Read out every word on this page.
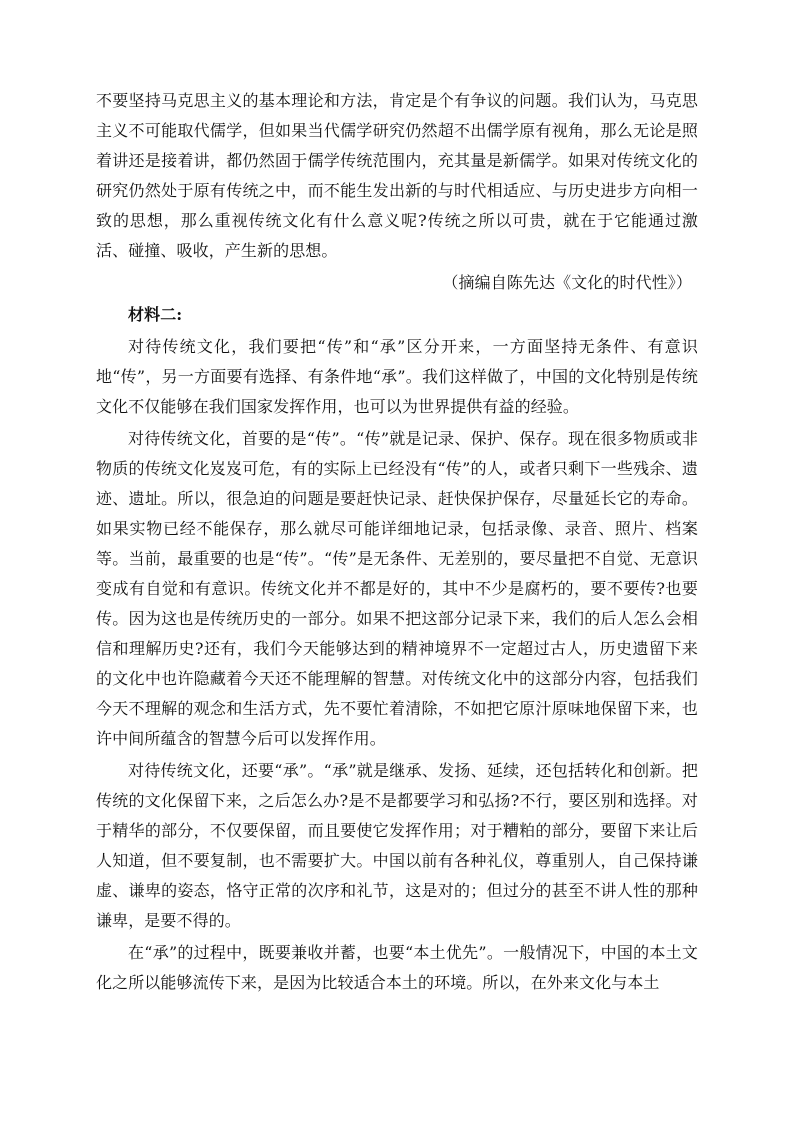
不要坚持马克思主义的基本理论和方法，肯定是个有争议的问题。我们认为，马克思主义不可能取代儒学，但如果当代儒学研究仍然超不出儒学原有视角，那么无论是照着讲还是接着讲，都仍然固于儒学传统范围内，充其量是新儒学。如果对传统文化的研究仍然处于原有传统之中，而不能生发出新的与时代相适应、与历史进步方向相一致的思想，那么重视传统文化有什么意义呢?传统之所以可贵，就在于它能通过激活、碰撞、吸收，产生新的思想。

（摘编自陈先达《文化的时代性》）

材料二:

对待传统文化，我们要把“传”和“承”区分开来，一方面坚持无条件、有意识地“传”，另一方面要有选择、有条件地“承”。我们这样做了，中国的文化特别是传统文化不仅能够在我们国家发挥作用，也可以为世界提供有益的经验。

对待传统文化，首要的是“传”。“传”就是记录、保护、保存。现在很多物质或非物质的传统文化岌岌可危，有的实际上已经没有“传”的人，或者只剩下一些残余、遗迹、遗址。所以，很急迫的问题是要赶快记录、赶快保护保存，尽量延长它的寿命。如果实物已经不能保存，那么就尽可能详细地记录，包括录像、录音、照片、档案等。当前，最重要的也是“传”。“传”是无条件、无差别的，要尽量把不自觉、无意识变成有自觉和有意识。传统文化并不都是好的，其中不少是腐朽的，要不要传?也要传。因为这也是传统历史的一部分。如果不把这部分记录下来，我们的后人怎么会相信和理解历史?还有，我们今天能够达到的精神境界不一定超过古人，历史遗留下来的文化中也许隐藏着今天还不能理解的智慧。对传统文化中的这部分内容，包括我们今天不理解的观念和生活方式，先不要忙着清除，不如把它原汁原味地保留下来，也许中间所蕴含的智慧今后可以发挥作用。

对待传统文化，还要“承”。“承”就是继承、发扬、延续，还包括转化和创新。把传统的文化保留下来，之后怎么办?是不是都要学习和弘扬?不行，要区别和选择。对于精华的部分，不仅要保留，而且要使它发挥作用；对于糟粕的部分，要留下来让后人知道，但不要复制，也不需要扩大。中国以前有各种礼仪，尊重别人，自己保持谦虚、谦卑的姿态，恪守正常的次序和礼节，这是对的；但过分的甚至不讲人性的那种谦卑，是要不得的。

在“承”的过程中，既要兼收并蓄，也要“本土优先”。一般情况下，中国的本土文化之所以能够流传下来，是因为比较适合本土的环境。所以，在外来文化与本土
